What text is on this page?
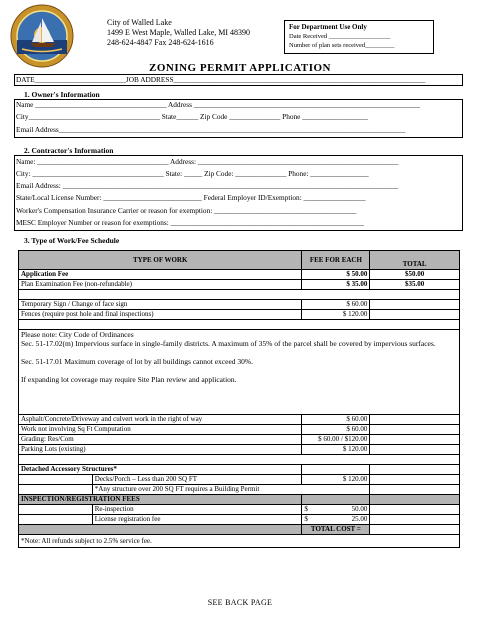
City of Walled Lake
1499 E West Maple, Walled Lake, MI 48390
248-624-4847 Fax 248-624-1616
For Department Use Only
Date Received ___________________
Number of plan sets received_________
ZONING PERMIT APPLICATION
DATE_________________________JOB ADDRESS_____________________________________________________________________
1. Owner's Information
Name ____________________________________ Address ______________________________________________________________
City____________________________________ State______ Zip Code ______________ Phone __________________
Email Address_______________________________________________________________________________________________
2. Contractor's Information
Name: ____________________________________ Address: _______________________________________________________
City: ____________________________________ State: _____ Zip Code: ______________ Phone: ________________
Email Address: ____________________________________________________________________________________________
State/Local License Number: ___________________________ Federal Employer ID/Exemption: _________________
Worker's Compensation Insurance Carrier or reason for exemption: _______________________________________
MESC Employer Number or reason for exemptions: _____________________________________________________
3. Type of Work/Fee Schedule
TYPE OF WORK		FEE FOR EACH	TOTAL
Application Fee		$ 50.00	$50.00
Plan Examination Fee (non-refundable)		$ 35.00	$35.00

Temporary Sign / Change of face sign		$ 60.00	
Fences (require post hole and final inspections)		$ 120.00	

Please note: City Code of Ordinances
Sec. 51-17.02(m) Impervious surface in single-family districts. A maximum of 35% of the parcel shall be covered by impervious surfaces.
Sec. 51-17.01 Maximum coverage of lot by all buildings cannot exceed 30%.
If expanding lot coverage may require Site Plan review and application.			

Asphalt/Concrete/Driveway and culvert work in the right of way		$ 60.00	
Work not involving Sq Ft Computation		$ 60.00	
Grading: Res/Com		$ 60.00 / $120.00	
Parking Lots (existing)		$ 120.00	

Detached Accessory Structures*			
	Decks/Porch – Less than 200 SQ FT	$ 120.00	
	*Any structure over 200 SQ FT requires a Building Permit		
INSPECTION/REGISTRATION FEES			
	Re-inspection	$ 50.00	

	License registration fee	$ 25.00	

		TOTAL COST =	
*Note: All refunds subject to 2.5% service fee.			
SEE BACK PAGE
